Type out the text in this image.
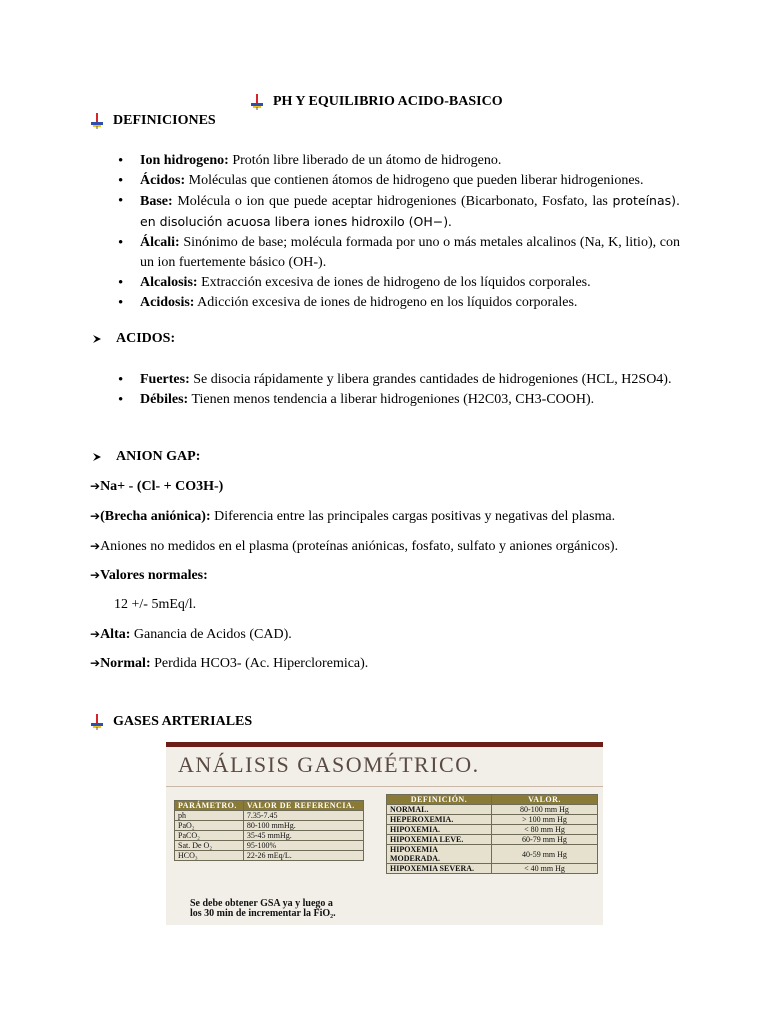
PH Y EQUILIBRIO ACIDO-BASICO
DEFINICIONES
• Ion hidrogeno: Protón libre liberado de un átomo de hidrogeno.
• Ácidos: Moléculas que contienen átomos de hidrogeno que pueden liberar hidrogeniones.
• Base: Molécula o ion que puede aceptar hidrogeniones (Bicarbonato, Fosfato, las proteínas). en disolución acuosa libera iones hidroxilo (OH−).
• Álcali: Sinónimo de base; molécula formada por uno o más metales alcalinos (Na, K, litio), con un ion fuertemente básico (OH-).
• Alcalosis: Extracción excesiva de iones de hidrogeno de los líquidos corporales.
• Acidosis: Adicción excesiva de iones de hidrogeno en los líquidos corporales.
ACIDOS:
• Fuertes: Se disocia rápidamente y libera grandes cantidades de hidrogeniones (HCL, H2SO4).
• Débiles: Tienen menos tendencia a liberar hidrogeniones (H2C03, CH3-COOH).
ANION GAP:
➔Na+ - (Cl- + CO3H-)
➔(Brecha aniónica): Diferencia entre las principales cargas positivas y negativas del plasma.
➔Aniones no medidos en el plasma (proteínas aniónicas, fosfato, sulfato y aniones orgánicos).
➔Valores normales:
12 +/- 5mEq/l.
➔Alta: Ganancia de Acidos (CAD).
➔Normal: Perdida HCO3- (Ac. Hipercloremica).
GASES ARTERIALES
ANÁLISIS GASOMÉTRICO.
PARÁMETRO.	VALOR DE REFERENCIA.
ph	7.35-7.45
PaO₂	80-100 mmHg.
PaCO₂	35-45 mmHg.
Sat. De O₂	95-100%
HCO₃	22-26 mEq/L.
DEFINICIÓN.	VALOR.
NORMAL.	80-100 mm Hg
HEPEROXEMIA.	> 100 mm Hg
HIPOXEMIA.	< 80 mm Hg
HIPOXEMIA LEVE.	60-79 mm Hg
HIPOXEMIA MODERADA.	40-59 mm Hg
HIPOXEMIA SEVERA.	< 40 mm Hg
Se debe obtener GSA ya y luego a
los 30 min de incrementar la FiO₂.
